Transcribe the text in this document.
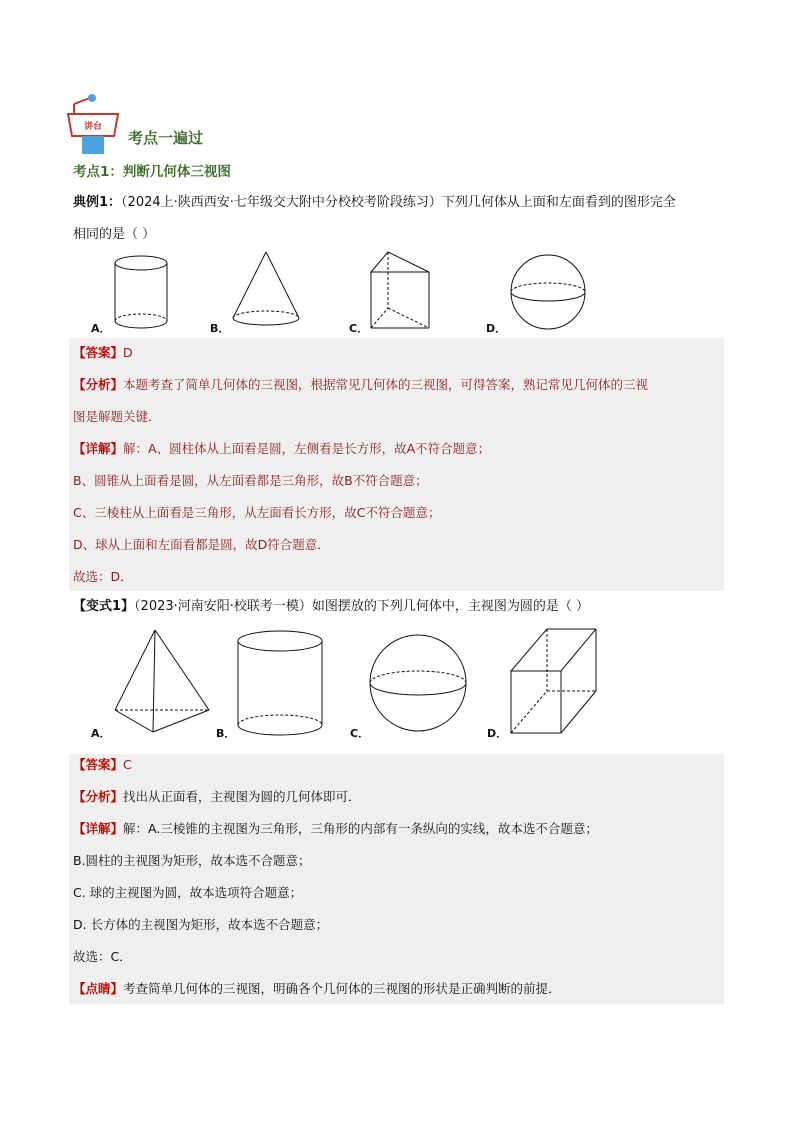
讲台
考点一遍过
考点1：判断几何体三视图
典例1：（2024上·陕西西安·七年级交大附中分校校考阶段练习）下列几何体从上面和左面看到的图形完全
相同的是（ ）
A．	B．	C．	D．
【答案】D
【分析】本题考查了简单几何体的三视图，根据常见几何体的三视图，可得答案，熟记常见几何体的三视
图是解题关键．
【详解】解：A、圆柱体从上面看是圆，左侧看是长方形，故A不符合题意；
B、圆锥从上面看是圆，从左面看都是三角形，故B不符合题意；
C、三棱柱从上面看是三角形，从左面看长方形，故C不符合题意；
D、球从上面和左面看都是圆，故D符合题意．
故选：D．
【变式1】（2023·河南安阳·校联考一模）如图摆放的下列几何体中，主视图为圆的是（ ）
A．	B．	C．	D．
【答案】C
【分析】找出从正面看，主视图为圆的几何体即可．
【详解】解：A.三棱锥的主视图为三角形，三角形的内部有一条纵向的实线，故本选不合题意；
B.圆柱的主视图为矩形，故本选不合题意；
C. 球的主视图为圆，故本选项符合题意；
D. 长方体的主视图为矩形，故本选不合题意；
故选：C．
【点睛】考查简单几何体的三视图，明确各个几何体的三视图的形状是正确判断的前提．
